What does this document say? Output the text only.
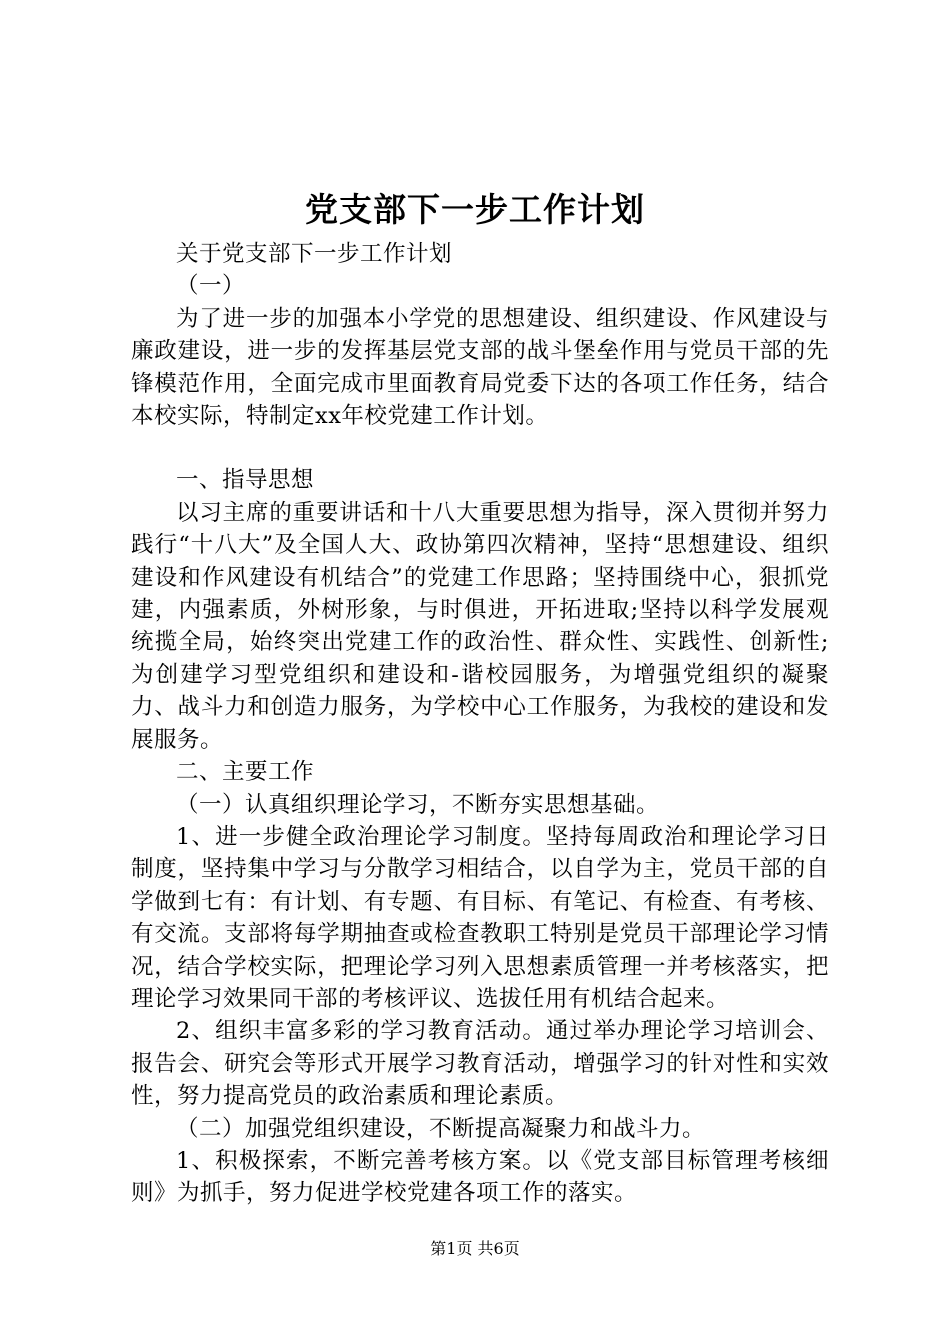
党支部下一步工作计划

关于党支部下一步工作计划

（一）

为了进一步的加强本小学党的思想建设、组织建设、作风建设与廉政建设，进一步的发挥基层党支部的战斗堡垒作用与党员干部的先锋模范作用，全面完成市里面教育局党委下达的各项工作任务，结合本校实际，特制定xx年校党建工作计划。

一、指导思想

以习主席的重要讲话和十八大重要思想为指导，深入贯彻并努力践行“十八大”及全国人大、政协第四次精神，坚持“思想建设、组织建设和作风建设有机结合”的党建工作思路；坚持围绕中心，狠抓党建，内强素质，外树形象，与时俱进，开拓进取;坚持以科学发展观统揽全局，始终突出党建工作的政治性、群众性、实践性、创新性;为创建学习型党组织和建设和-谐校园服务，为增强党组织的凝聚力、战斗力和创造力服务，为学校中心工作服务，为我校的建设和发展服务。

二、主要工作

（一）认真组织理论学习，不断夯实思想基础。

1、进一步健全政治理论学习制度。坚持每周政治和理论学习日制度，坚持集中学习与分散学习相结合，以自学为主，党员干部的自学做到七有：有计划、有专题、有目标、有笔记、有检查、有考核、有交流。支部将每学期抽查或检查教职工特别是党员干部理论学习情况，结合学校实际，把理论学习列入思想素质管理一并考核落实，把理论学习效果同干部的考核评议、选拔任用有机结合起来。

2、组织丰富多彩的学习教育活动。通过举办理论学习培训会、报告会、研究会等形式开展学习教育活动，增强学习的针对性和实效性，努力提高党员的政治素质和理论素质。

（二）加强党组织建设，不断提高凝聚力和战斗力。

1、积极探索，不断完善考核方案。以《党支部目标管理考核细则》为抓手，努力促进学校党建各项工作的落实。

第1页 共6页
